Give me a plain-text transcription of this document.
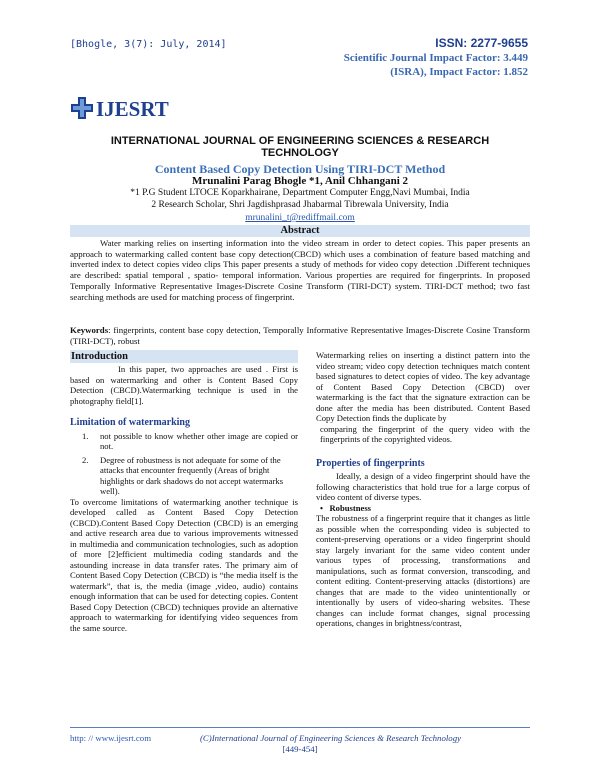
[Bhogle, 3(7): July, 2014]	ISSN: 2277-9655
Scientific Journal Impact Factor: 3.449
(ISRA), Impact Factor: 1.852
IJESRT
INTERNATIONAL JOURNAL OF ENGINEERING SCIENCES & RESEARCH TECHNOLOGY
Content Based Copy Detection Using TIRI-DCT Method
Mrunalini Parag Bhogle *1, Anil Chhangani 2
*1 P.G Student LTOCE Koparkhairane, Department Computer Engg,Navi Mumbai, India
2 Research Scholar, Shri Jagdishprasad Jhabarmal Tibrewala University, India
mrunalini_t@rediffmail.com
Abstract

Water marking relies on inserting information into the video stream in order to detect copies. This paper presents an approach to watermarking called content base copy detection(CBCD) which uses a combination of feature based matching and inverted index to detect copies video clips This paper presents a study of methods for video copy detection .Different techniques are described: spatial temporal , spatio- temporal information. Various properties are required for fingerprints. In proposed Temporally Informative Representative Images-Discrete Cosine Transform (TIRI-DCT) system. TIRI-DCT method; two fast searching methods are used for matching process of fingerprint.

Keywords: fingerprints, content base copy detection, Temporally Informative Representative Images-Discrete Cosine Transform (TIRI-DCT), robust
Introduction

In this paper, two approaches are used . First is based on watermarking and other is Content Based Copy Detection (CBCD).Watermarking technique is used in the photography field[1].

Limitation of watermarking
1.	not possible to know whether other image are copied or not.
2.	Degree of robustness is not adequate for some of the attacks that encounter frequently (Areas of bright highlights or dark shadows do not accept watermarks well).

To overcome limitations of watermarking another technique is developed called as Content Based Copy Detection (CBCD).Content Based Copy Detection (CBCD) is an emerging and active research area due to various improvements witnessed in multimedia and communication technologies, such as adoption of more [2]efficient multimedia coding standards and the astounding increase in data transfer rates. The primary aim of Content Based Copy Detection (CBCD) is “the media itself is the watermark”, that is, the media (image ,video, audio) contains enough information that can be used for detecting copies. Content Based Copy Detection (CBCD) techniques provide an alternative approach to watermarking for identifying video sequences from the same source.

Watermarking relies on inserting a distinct pattern into the video stream; video copy detection techniques match content based signatures to detect copies of video. The key advantage of Content Based Copy Detection (CBCD) over watermarking is the fact that the signature extraction can be done after the media has been distributed. Content Based Copy Detection finds the duplicate by

comparing the fingerprint of the query video with the fingerprints of the copyrighted videos.

Properties of fingerprints

Ideally, a design of a video fingerprint should have the following characteristics that hold true for a large corpus of video content of diverse types.

•   Robustness

The robustness of a fingerprint require that it changes as little as possible when the corresponding video is subjected to content-preserving operations or a video fingerprint should stay largely invariant for the same video content under various types of processing, transformations and manipulations, such as format conversion, transcoding, and content editing. Content-preserving attacks (distortions) are changes that are made to the video unintentionally or intentionally by users of video-sharing websites. These changes can include format changes, signal processing operations, changes in brightness/contrast,

http: // www.ijesrt.com	(C)International Journal of Engineering Sciences & Research Technology
[449-454]
